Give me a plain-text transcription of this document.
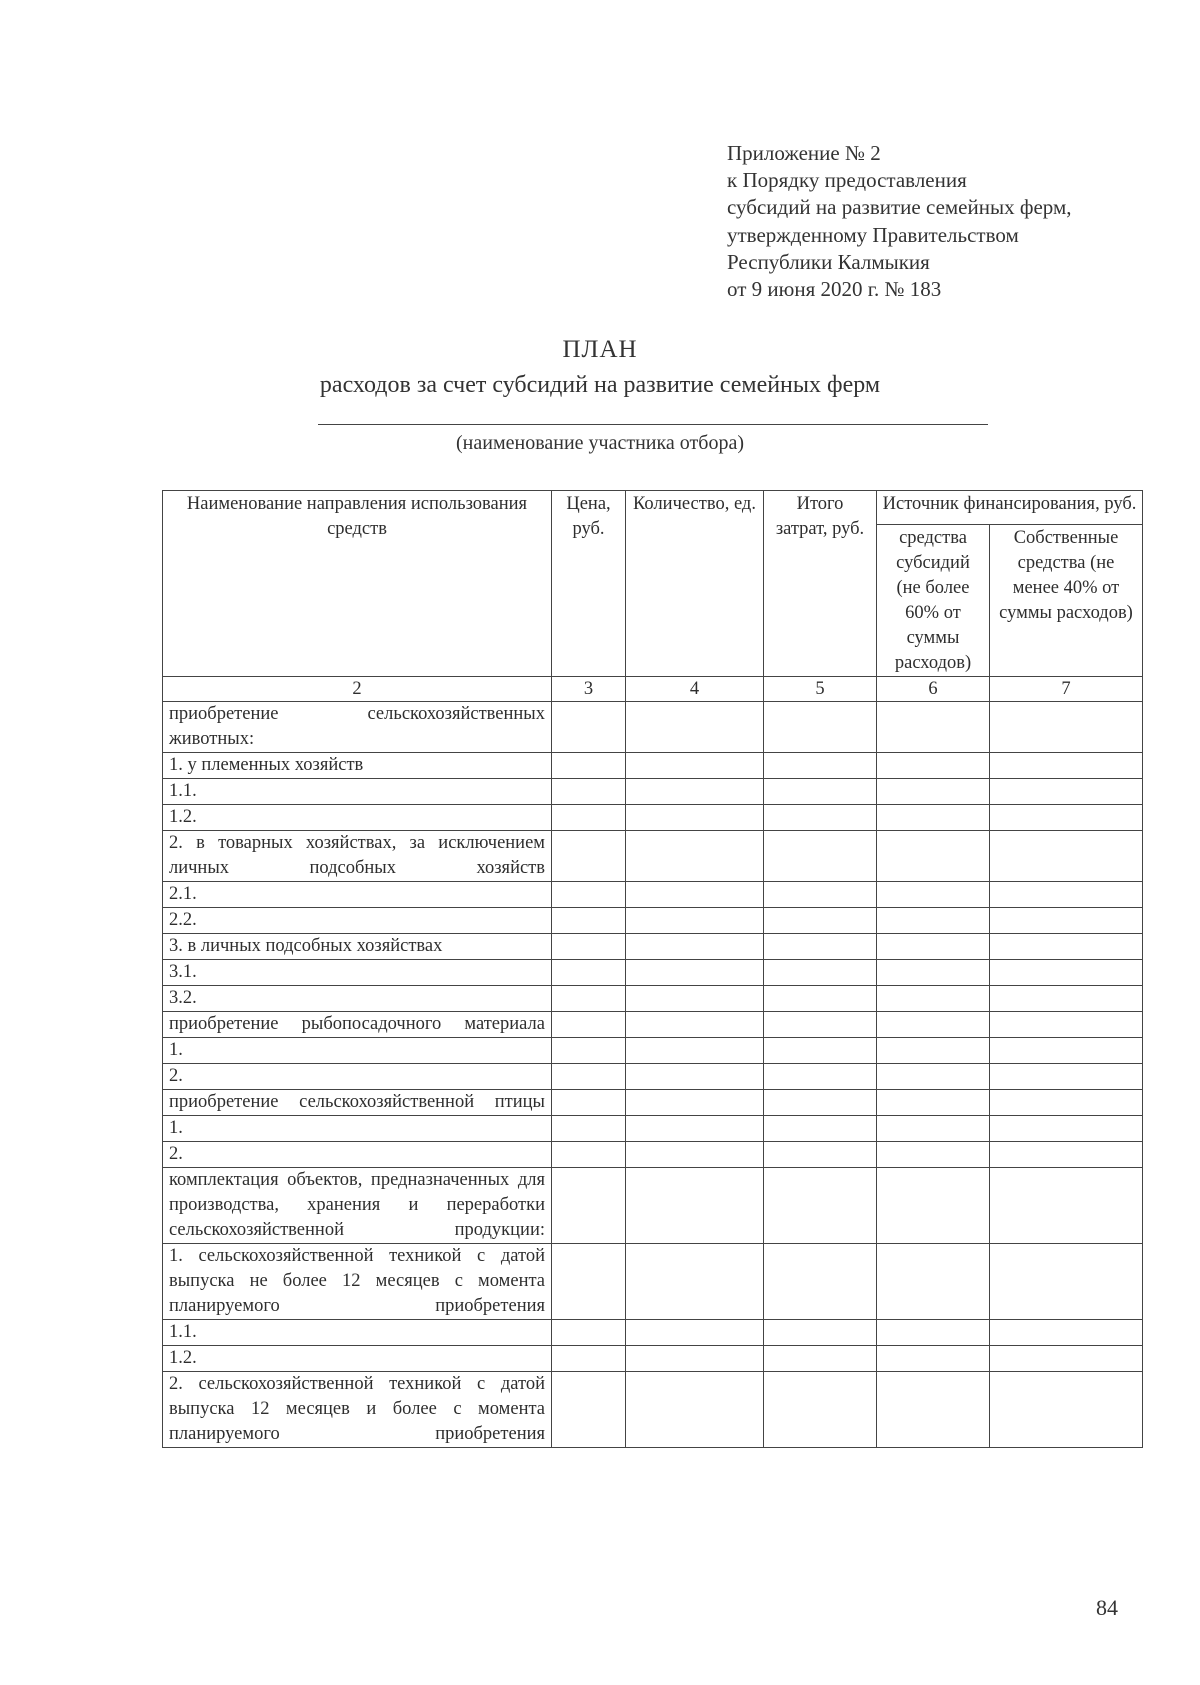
Приложение № 2
к Порядку предоставления
субсидий на развитие семейных ферм,
утвержденному Правительством
Республики Калмыкия
от 9 июня 2020 г. № 183
ПЛАН
расходов за счет субсидий на развитие семейных ферм
(наименование участника отбора)
Наименование направления использования средств	Цена, руб.	Количество, ед.	Итого затрат, руб.	Источник финансирования, руб.	
				средства субсидий (не более 60% от суммы расходов)	Собственные средства (не менее 40% от суммы расходов)
2	3	4	5	6	7
приобретение сельскохозяйственных животных:					
1. у племенных хозяйств					
1.1.					
1.2.					
2. в товарных хозяйствах, за исключением личных подсобных хозяйств					
2.1.					
2.2.					
3. в личных подсобных хозяйствах					
3.1.					
3.2.					
приобретение рыбопосадочного материала					
1.					
2.					
приобретение сельскохозяйственной птицы					
1.					
2.					
комплектация объектов, предназначенных для производства, хранения и переработки сельскохозяйственной продукции:					
1. сельскохозяйственной техникой с датой выпуска не более 12 месяцев с момента планируемого приобретения					
1.1.					
1.2.					
2. сельскохозяйственной техникой с датой выпуска 12 месяцев и более с момента планируемого приобретения					
84
